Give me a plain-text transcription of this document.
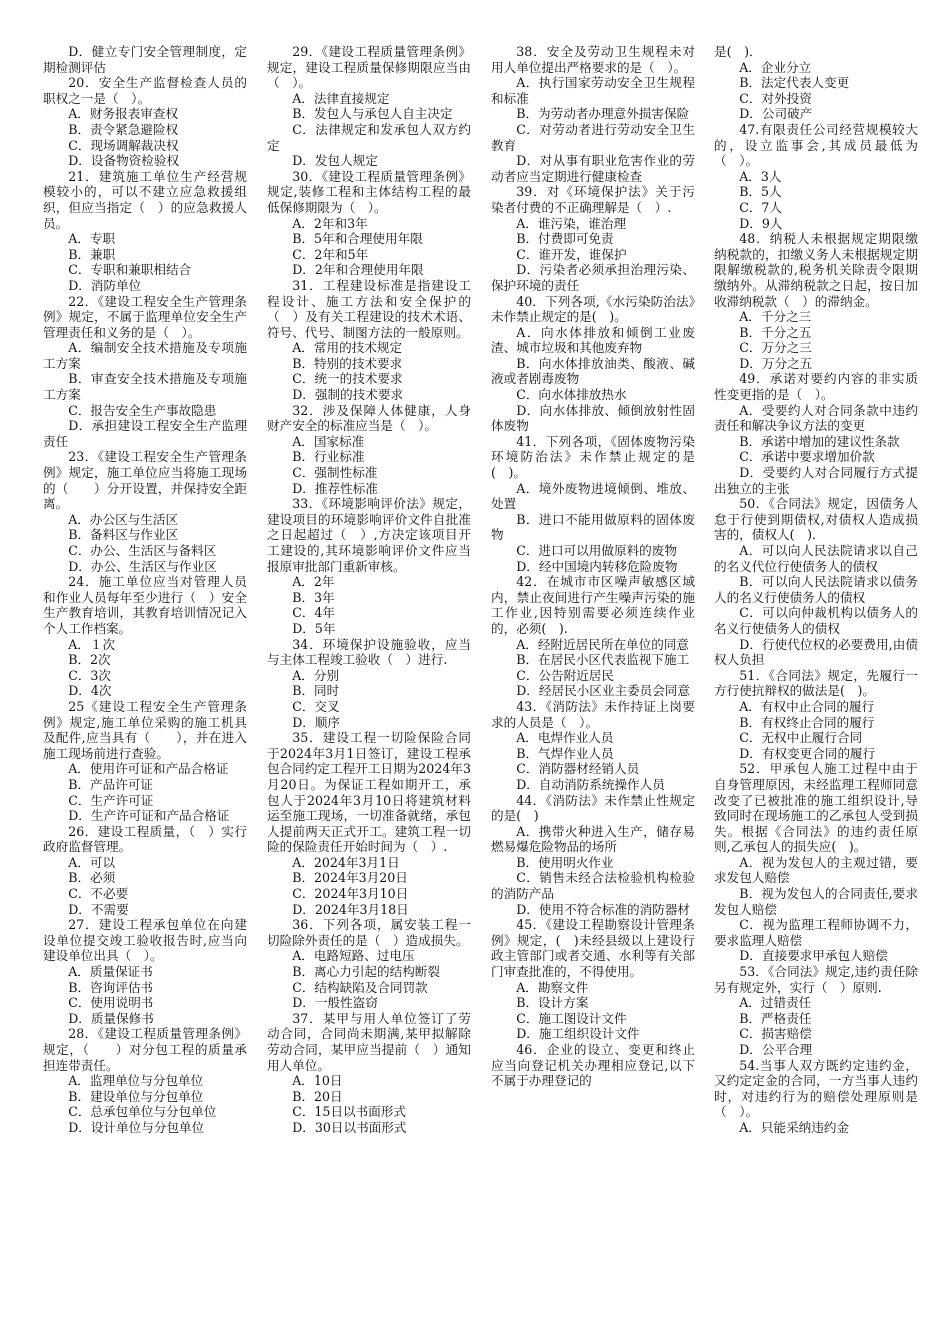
D．健立专门安全管理制度，定期检测评估

20．安全生产监督检查人员的职权之一是（　）。

A．财务报表审查权

B．责令紧急避险权

C．现场调解裁决权

D．设备物资检验权

21．建筑施工单位生产经营规模较小的，可以不建立应急救援组织，但应当指定（　）的应急救援人员。

A．专职

B．兼职

C．专职和兼职相结合

D．消防单位

22．《建设工程安全生产管理条例》规定，不属于监理单位安全生产管理责任和义务的是（　）。

A．编制安全技术措施及专项施工方案

B．审查安全技术措施及专项施工方案

C．报告安全生产事故隐患

D．承担建设工程安全生产监理责任

23．《建设工程安全生产管理条例》规定，施工单位应当将施工现场的（　　）分开设置，并保持安全距离。

A．办公区与生活区

B．备料区与作业区

C．办公、生活区与备料区

D．办公、生活区与作业区

24．施工单位应当对管理人员和作业人员每年至少进行（　）安全生产教育培训，其教育培训情况记入个人工作档案。

A．１次

B．2次

C．3次

D．4次

25《建设工程安全生产管理条例》规定,施工单位采购的施工机具及配件,应当具有（　　），并在进入施工现场前进行查验。

A．使用许可证和产品合格证

B．产品许可证

C．生产许可证

D．生产许可证和产品合格证

26．建设工程质量，（　）实行政府监督管理。

A．可以

B．必须

C．不必要

D．不需要

27．建设工程承包单位在向建设单位提交竣工验收报告时,应当向建设单位出具（　）。

A．质量保证书

B．咨询评估书

C．使用说明书

D．质量保修书

28．《建设工程质量管理条例》规定，（　　）对分包工程的质量承担连带责任。

A．监理单位与分包单位

B．建设单位与分包单位

C．总承包单位与分包单位

D．设计单位与分包单位

29．《建设工程质量管理条例》规定，建设工程质量保修期限应当由（　）。

A．法律直接规定

B．发包人与承包人自主决定

C．法律规定和发承包人双方约定

D．发包人规定

30．《建设工程质量管理条例》规定,装修工程和主体结构工程的最低保修期限为（　）。

A．2年和3年

B．5年和合理使用年限

C．2年和5年

D．2年和合理使用年限

31．工程建设标准是指建设工程设计、施工方法和安全保护的（　）及有关工程建设的技术术语、符号、代号、制图方法的一般原则。

A．常用的技术规定

B．特别的技术要求

C．统一的技术要求

D．强制的技术要求

32．涉及保障人体健康，人身财产安全的标准应当是（　）。

A．国家标准

B．行业标准

C．强制性标准

D．推荐性标准

33．《环境影响评价法》规定，建设项目的环境影响评价文件自批准之日起超过（　）,方决定该项目开工建设的,其环境影响评价文件应当报原审批部门重新审核。

A．2年

B．3年

C．4年

D．5年

34．环境保护设施验收，应当与主体工程竣工验收（　）进行.

A．分别

B．同时

C．交叉

D．顺序

35．建设工程一切险保险合同于2024年3月1日签订，建设工程承包合同约定工程开工日期为2024年3月20日。为保证工程如期开工，承包人于2024年3月10日将建筑材料运至施工现场，一切准备就绪，承包人提前两天正式开工。建筑工程一切险的保险责任开始时间为（　）.

A．2024年3月1日

B．2024年3月20日

C．2024年3月10日

D．2024年3月18日

36．下列各项，属安装工程一切险除外责任的是（　）造成损失。

A．电路短路、过电压

B．离心力引起的结构断裂

C．结构缺陷及合同罚款

D．一般性盗窃

37．某甲与用人单位签订了劳动合同，合同尚未期满,某甲拟解除劳动合同，某甲应当提前（　）通知用人单位。

A．10日

B．20日

C．15日以书面形式

D．30日以书面形式

38．安全及劳动卫生规程未对用人单位提出严格要求的是（　）。

A．执行国家劳动安全卫生规程和标准

B．为劳动者办理意外损害保险

C．对劳动者进行劳动安全卫生教育

D．对从事有职业危害作业的劳动者应当定期进行健康检查

39．对《环境保护法》关于污染者付费的不正确理解是（　）.

A．谁污染，谁治理

B．付费即可免责

C．谁开发，谁保护

D．污染者必须承担治理污染、保护环境的责任

40．下列各项,《水污染防治法》未作禁止规定的是(　)。

A．向水体排放和倾倒工业废渣、城市垃圾和其他废弃物

B．向水体排放油类、酸液、碱液或者剧毒废物

C．向水体排放热水

D．向水体排放、倾倒放射性固体废物

41．下列各项，《固体废物污染环境防治法》未作禁止规定的是(　)。

A．境外废物进境倾倒、堆放、处置

B．进口不能用做原料的固体废物

C．进口可以用做原料的废物

D．经中国境内转移危险废物

42．在城市市区噪声敏感区域内，禁止夜间进行产生噪声污染的施工作业,因特别需要必须连续作业的，必须(　).

A．经附近居民所在单位的同意

B．在居民小区代表监视下施工

C．公告附近居民

D．经居民小区业主委员会同意

43．《消防法》未作持证上岗要求的人员是（　）。

A．电焊作业人员

B．气焊作业人员

C．消防器材经销人员

D．自动消防系统操作人员

44．《消防法》未作禁止性规定的是(　)

A．携带火种进入生产，储存易燃易爆危险物品的场所

B．使用明火作业

C．销售未经合法检验机构检验的消防产品

D．使用不符合标准的消防器材

45．《建设工程勘察设计管理条例》规定，(　)未经县级以上建设行政主管部门或者交通、水利等有关部门审查批准的，不得使用。

A．勘察文件

B．设计方案

C．施工图设计文件

D．施工组织设计文件

46．企业的设立、变更和终止应当向登记机关办理相应登记,以下不属于办理登记的

是(　)．

A．企业分立

B．法定代表人变更

C．对外投资

D．公司破产

47.有限责任公司经营规模较大的，设立监事会,其成员最低为（　）。

A．3人

B．5人

C．7人

D．9人

48．纳税人未根据规定期限缴纳税款的，扣缴义务人未根据规定期限解缴税款的,税务机关除责令限期缴纳外。从滞纳税款之日起，按日加收滞纳税款（　）的滞纳金。

A．千分之三

B．千分之五

C．万分之三

D．万分之五

49．承诺对要约内容的非实质性变更指的是（　）。

A．受要约人对合同条款中违约责任和解决争议方法的变更

B．承诺中增加的建议性条款

C．承诺中要求增加价款

D．受要约人对合同履行方式提出独立的主张

50．《合同法》规定，因债务人怠于行使到期债权,对债权人造成损害的，债权人(　)．

A．可以向人民法院请求以自己的名义代位行使债务人的债权

B．可以向人民法院请求以债务人的名义行使债务人的债权

C．可以向仲裁机构以债务人的名义行使债务人的债权

D．行使代位权的必要费用,由债权人负担

51．《合同法》规定，先履行一方行使抗辩权的做法是(　)。

A．有权中止合同的履行

B．有权终止合同的履行

C．无权中止履行合同

D．有权变更合同的履行

52．甲承包人施工过程中由于自身管理原因，未经监理工程师同意改变了已被批准的施工组织设计,导致同时在现场施工的乙承包人受到损失。根据《合同法》的违约责任原则,乙承包人的损失应(　)。

A．视为发包人的主观过错，要求发包人赔偿

B．视为发包人的合同责任,要求发包人赔偿

C．视为监理工程师协调不力，要求监理人赔偿

D．直接要求甲承包人赔偿

53．《合同法》规定,违约责任除另有规定外，实行（　）原则.

A．过错责任

B．严格责任

C．损害赔偿

D．公平合理

54.当事人双方既约定违约金，又约定定金的合同，一方当事人违约时，对违约行为的赔偿处理原则是（　）。

A．只能采纳违约金
